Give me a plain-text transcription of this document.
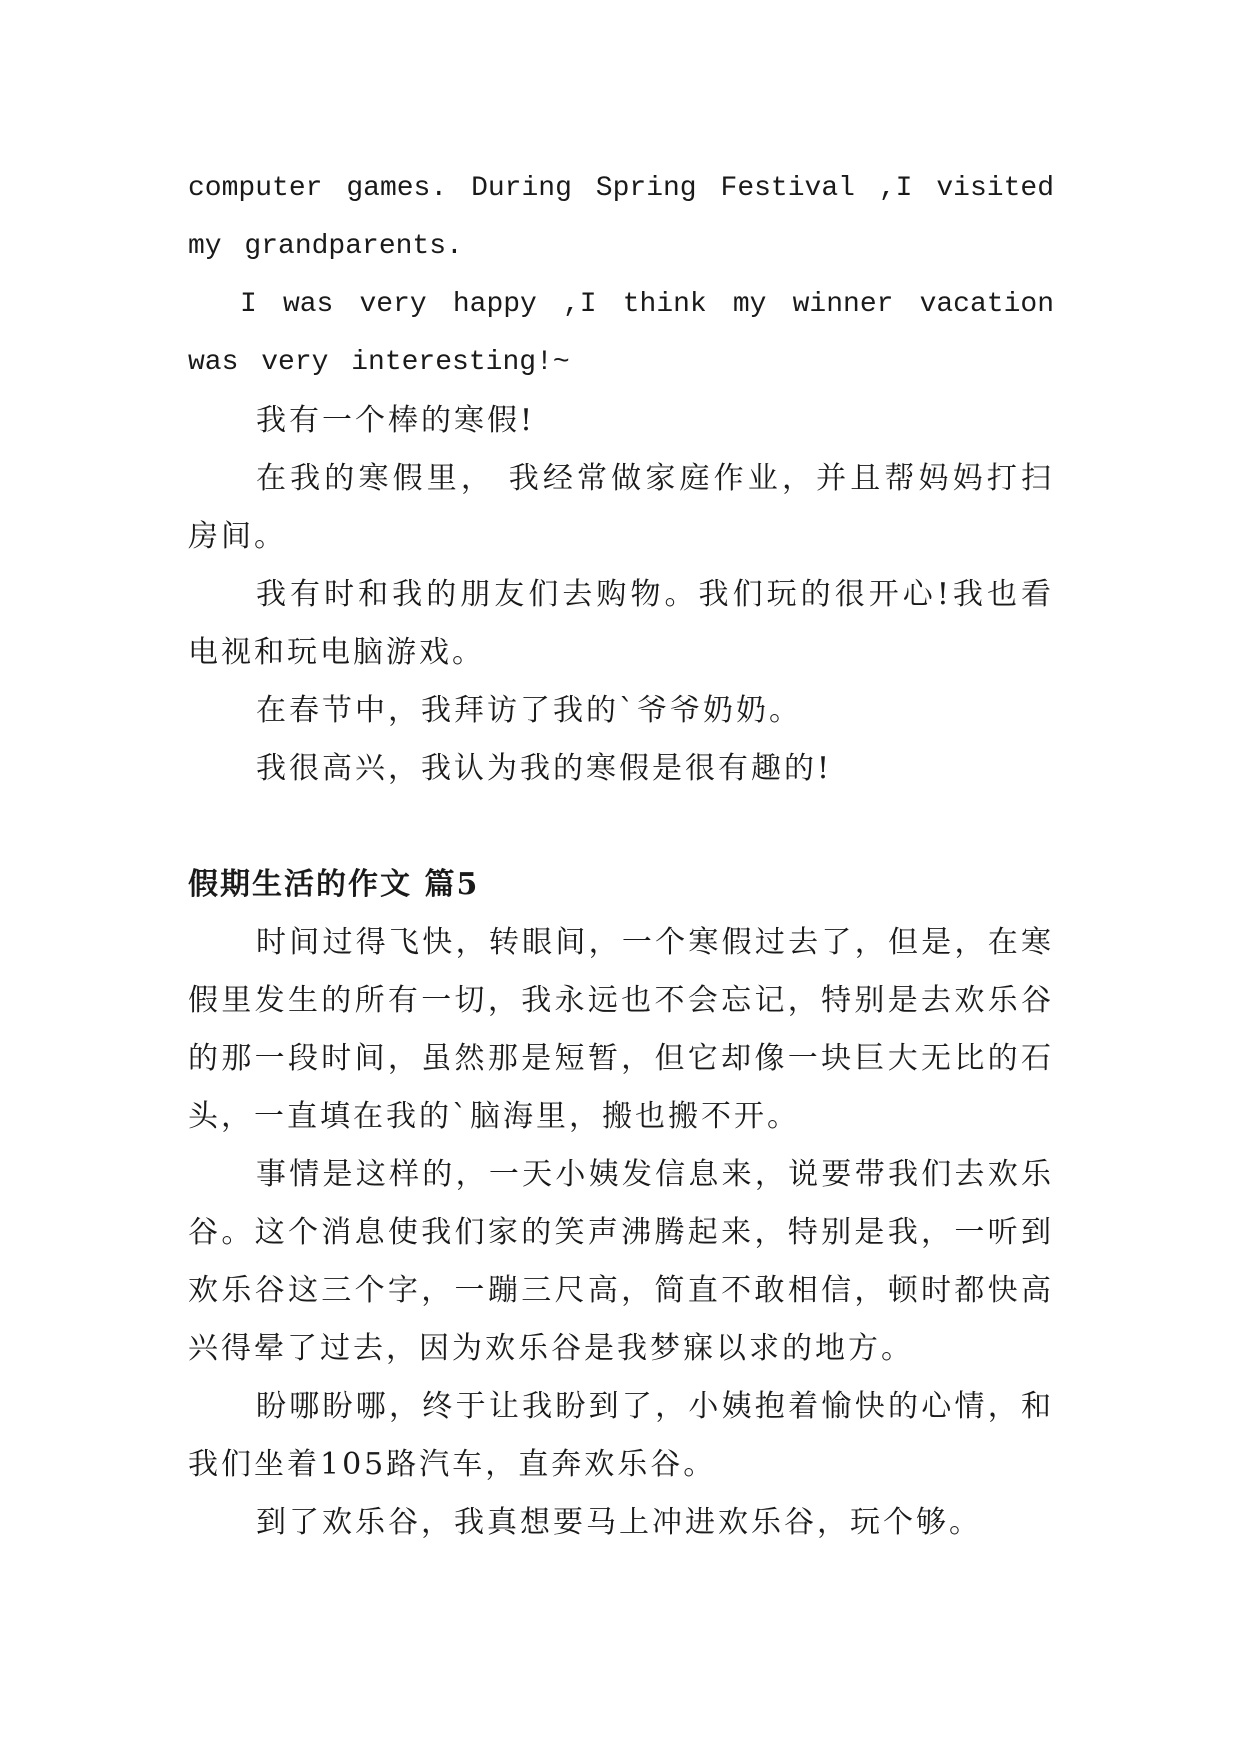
computer games. During Spring Festival ,I visited my grandparents.

I was very happy ,I think my winner vacation was very interesting!~

我有一个棒的寒假!

在我的寒假里， 我经常做家庭作业，并且帮妈妈打扫房间。

我有时和我的朋友们去购物。我们玩的很开心!我也看电视和玩电脑游戏。

在春节中，我拜访了我的`爷爷奶奶。

我很高兴，我认为我的寒假是很有趣的!

假期生活的作文 篇5

时间过得飞快，转眼间，一个寒假过去了，但是，在寒假里发生的所有一切，我永远也不会忘记，特别是去欢乐谷的那一段时间，虽然那是短暂，但它却像一块巨大无比的石头，一直填在我的`脑海里，搬也搬不开。

事情是这样的，一天小姨发信息来，说要带我们去欢乐谷。这个消息使我们家的笑声沸腾起来，特别是我，一听到欢乐谷这三个字，一蹦三尺高，简直不敢相信，顿时都快高兴得晕了过去，因为欢乐谷是我梦寐以求的地方。

盼哪盼哪，终于让我盼到了，小姨抱着愉快的心情，和我们坐着105路汽车，直奔欢乐谷。

到了欢乐谷，我真想要马上冲进欢乐谷，玩个够。
